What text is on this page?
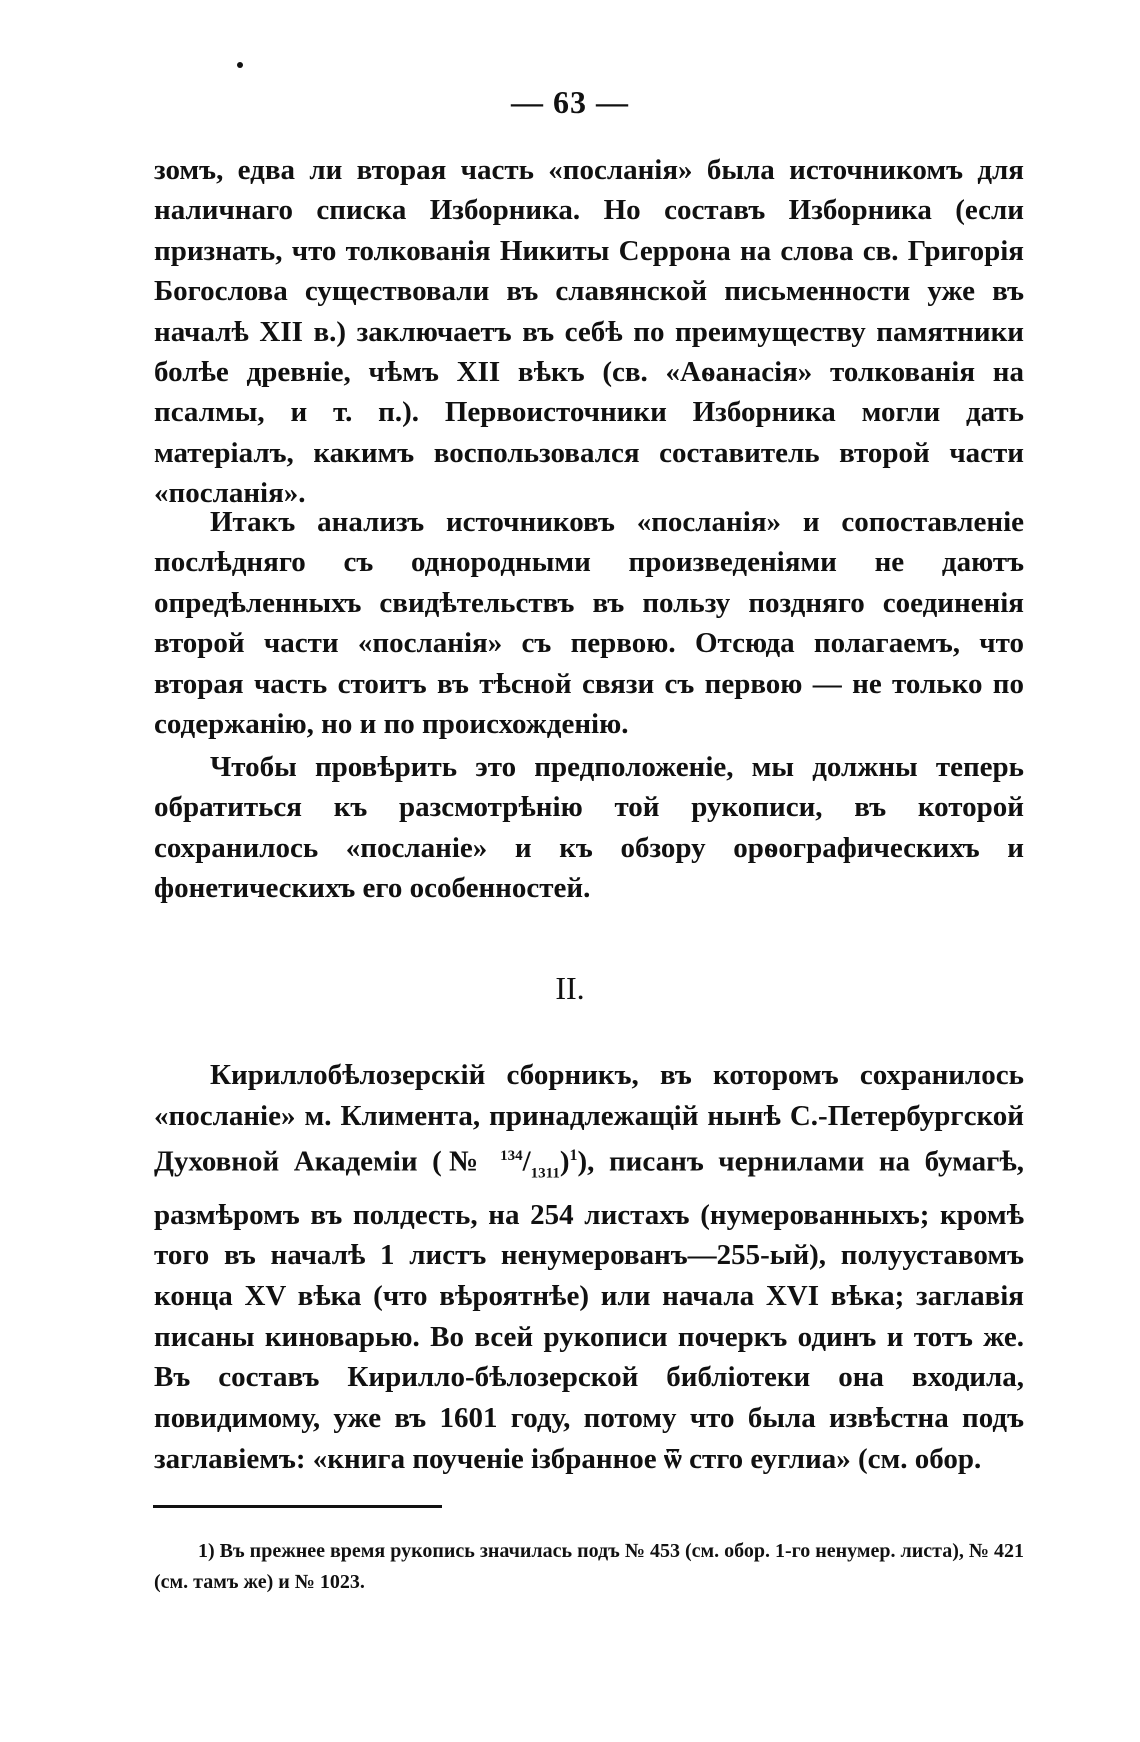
— 63 —

зомъ, едва ли вторая часть «посланія» была источникомъ для наличнаго списка Изборника. Но составъ Изборника (если признать, что толкованія Никиты Серрона на слова св. Григорія Богослова существовали въ славянской письменности уже въ началѣ XII в.) заключаетъ въ себѣ по преимуществу памятники болѣе древніе, чѣмъ XII вѣкъ (св. «Аѳанасія» толкованія на псалмы, и т. п.). Первоисточники Изборника могли дать матеріалъ, какимъ воспользовался составитель второй части «посланія».

Итакъ анализъ источниковъ «посланія» и сопоставленіе послѣдняго съ однородными произведеніями не даютъ опредѣленныхъ свидѣтельствъ въ пользу поздняго соединенія второй части «посланія» съ первою. Отсюда полагаемъ, что вторая часть стоитъ въ тѣсной связи съ первою — не только по содержанію, но и по происхожденію.

Чтобы провѣрить это предположеніе, мы должны теперь обратиться къ разсмотрѣнію той рукописи, въ которой сохранилось «посланіе» и къ обзору орѳографическихъ и фонетическихъ его особенностей.

II.

Кириллобѣлозерскій сборникъ, въ которомъ сохранилось «посланіе» м. Климента, принадлежащій нынѣ С.-Петербургской Духовной Академіи (№ $^{134}/_{1311})^1$), писанъ чернилами на бумагѣ, размѣромъ въ полдесть, на 254 листахъ (нумерованныхъ; кромѣ того въ началѣ 1 листъ ненумерованъ—255-ый), полууставомъ конца XV вѣка (что вѣроятнѣе) или начала XVI вѣка; заглавія писаны киноварью. Во всей рукописи почеркъ одинъ и тотъ же. Въ составъ Кирилло-бѣлозерской библіотеки она входила, повидимому, уже въ 1601 году, потому что была извѣстна подъ заглавіемъ: «книга поученіе ізбранное ѿ стго еуглиа» (см. обор.

1) Въ прежнее время рукопись значилась подъ № 453 (см. обор. 1-го ненумер. листа), № 421 (см. тамъ же) и № 1023.
